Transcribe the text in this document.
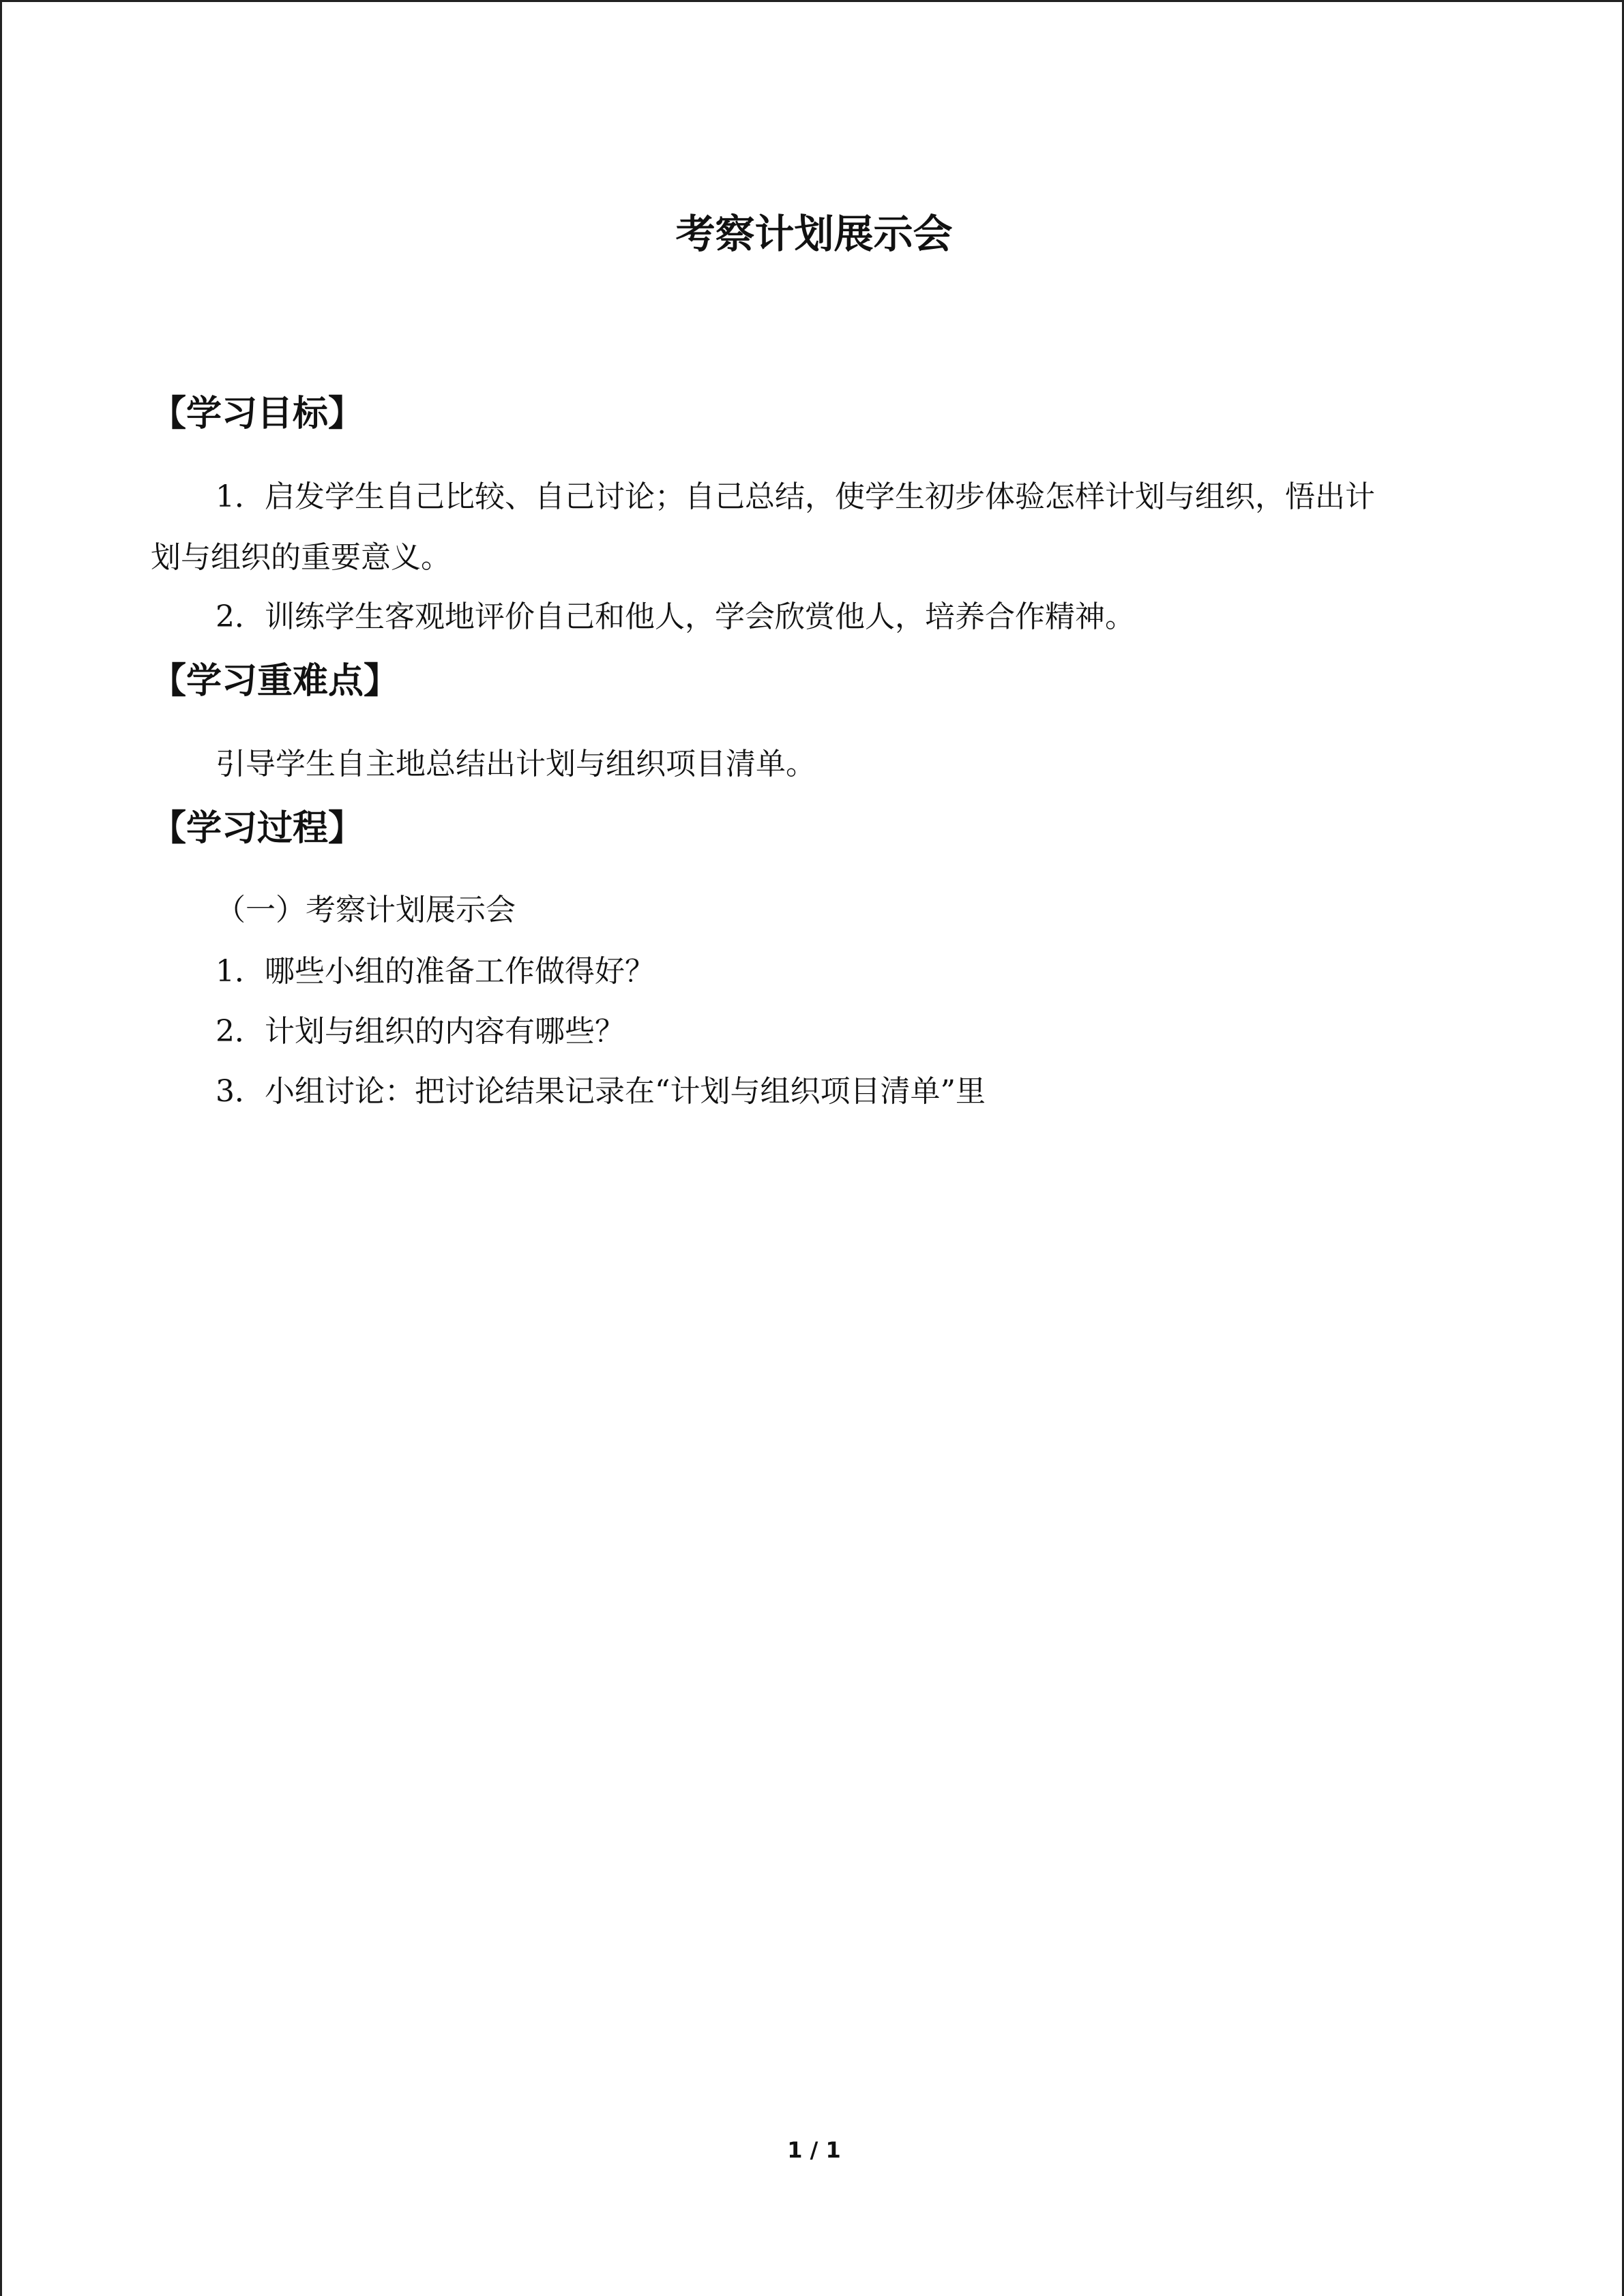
考察计划展示会
【学习目标】
1．启发学生自己比较、自己讨论；自己总结，使学生初步体验怎样计划与组织，悟出计
划与组织的重要意义。
2．训练学生客观地评价自己和他人，学会欣赏他人，培养合作精神。
【学习重难点】
引导学生自主地总结出计划与组织项目清单。
【学习过程】
（一）考察计划展示会
1．哪些小组的准备工作做得好？
2．计划与组织的内容有哪些？
3．小组讨论：把讨论结果记录在“计划与组织项目清单”里
1 / 1
